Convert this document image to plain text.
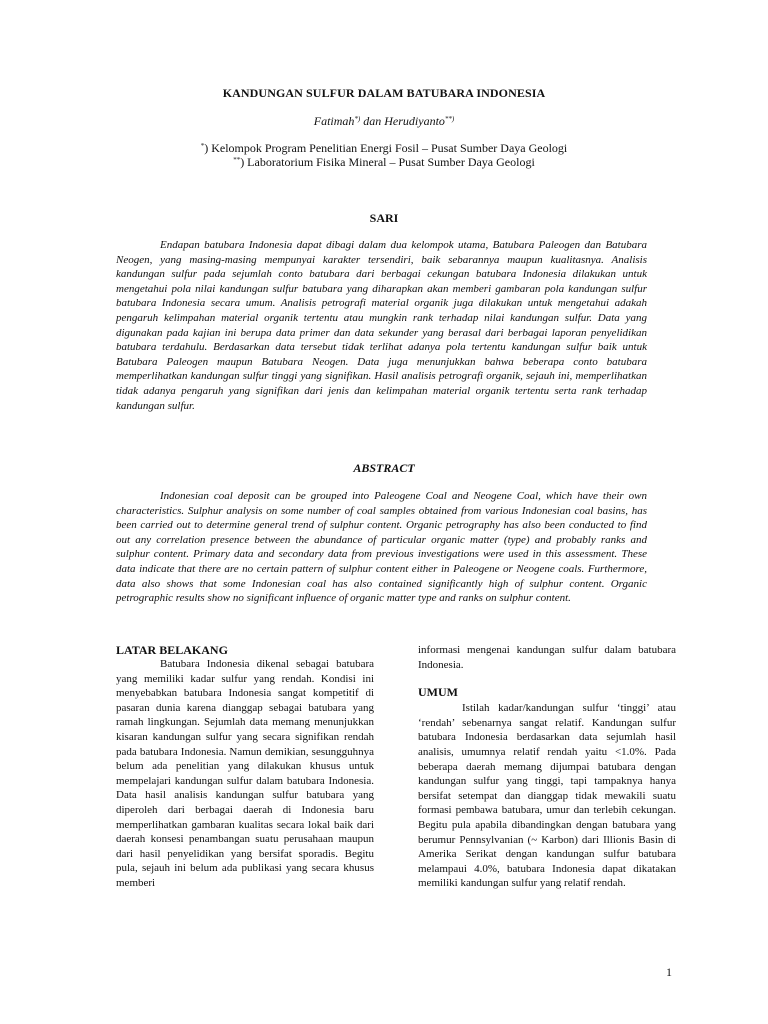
KANDUNGAN SULFUR DALAM BATUBARA INDONESIA
Fatimah*) dan Herudiyanto**)
*) Kelompok Program Penelitian Energi Fosil – Pusat Sumber Daya Geologi
**) Laboratorium Fisika Mineral – Pusat Sumber Daya Geologi
SARI

Endapan batubara Indonesia dapat dibagi dalam dua kelompok utama, Batubara Paleogen dan Batubara Neogen, yang masing-masing mempunyai karakter tersendiri, baik sebarannya maupun kualitasnya. Analisis kandungan sulfur pada sejumlah conto batubara dari berbagai cekungan batubara Indonesia dilakukan untuk mengetahui pola nilai kandungan sulfur batubara yang diharapkan akan memberi gambaran pola kandungan sulfur batubara Indonesia secara umum. Analisis petrografi material organik juga dilakukan untuk mengetahui adakah pengaruh kelimpahan material organik tertentu atau mungkin rank terhadap nilai kandungan sulfur. Data yang digunakan pada kajian ini berupa data primer dan data sekunder yang berasal dari berbagai laporan penyelidikan batubara terdahulu. Berdasarkan data tersebut tidak terlihat adanya pola tertentu kandungan sulfur baik untuk Batubara Paleogen maupun Batubara Neogen. Data juga menunjukkan bahwa beberapa conto batubara memperlihatkan kandungan sulfur tinggi yang signifikan. Hasil analisis petrografi organik, sejauh ini, memperlihatkan tidak adanya pengaruh yang signifikan dari jenis dan kelimpahan material organik tertentu serta rank terhadap kandungan sulfur.

ABSTRACT

Indonesian coal deposit can be grouped into Paleogene Coal and Neogene Coal, which have their own characteristics. Sulphur analysis on some number of coal samples obtained from various Indonesian coal basins, has been carried out to determine general trend of sulphur content. Organic petrography has also been conducted to find out any correlation presence between the abundance of particular organic matter (type) and probably ranks and sulphur content. Primary data and secondary data from previous investigations were used in this assessment. These data indicate that there are no certain pattern of sulphur content either in Paleogene or Neogene coals. Furthermore, data also shows that some Indonesian coal has also contained significantly high of sulphur content. Organic petrographic results show no significant influence of organic matter type and ranks on sulphur content.

LATAR BELAKANG

Batubara Indonesia dikenal sebagai batubara yang memiliki kadar sulfur yang rendah. Kondisi ini menyebabkan batubara Indonesia sangat kompetitif di pasaran dunia karena dianggap sebagai batubara yang ramah lingkungan. Sejumlah data memang menunjukkan kisaran kandungan sulfur yang secara signifikan rendah pada batubara Indonesia. Namun demikian, sesungguhnya belum ada penelitian yang dilakukan khusus untuk mempelajari kandungan sulfur dalam batubara Indonesia. Data hasil analisis kandungan sulfur batubara yang diperoleh dari berbagai daerah di Indonesia baru memperlihatkan gambaran kualitas secara lokal baik dari daerah konsesi penambangan suatu perusahaan maupun dari hasil penyelidikan yang bersifat sporadis. Begitu pula, sejauh ini belum ada publikasi yang secara khusus memberi

informasi mengenai kandungan sulfur dalam batubara Indonesia.

UMUM

Istilah kadar/kandungan sulfur ‘tinggi’ atau ‘rendah’ sebenarnya sangat relatif. Kandungan sulfur batubara Indonesia berdasarkan data sejumlah hasil analisis, umumnya relatif rendah yaitu <1.0%. Pada beberapa daerah memang dijumpai batubara dengan kandungan sulfur yang tinggi, tapi tampaknya hanya bersifat setempat dan dianggap tidak mewakili suatu formasi pembawa batubara, umur dan terlebih cekungan. Begitu pula apabila dibandingkan dengan batubara yang berumur Pennsylvanian (~ Karbon) dari Illionis Basin di Amerika Serikat dengan kandungan sulfur batubara melampaui 4.0%, batubara Indonesia dapat dikatakan memiliki kandungan sulfur yang relatif rendah.

1
